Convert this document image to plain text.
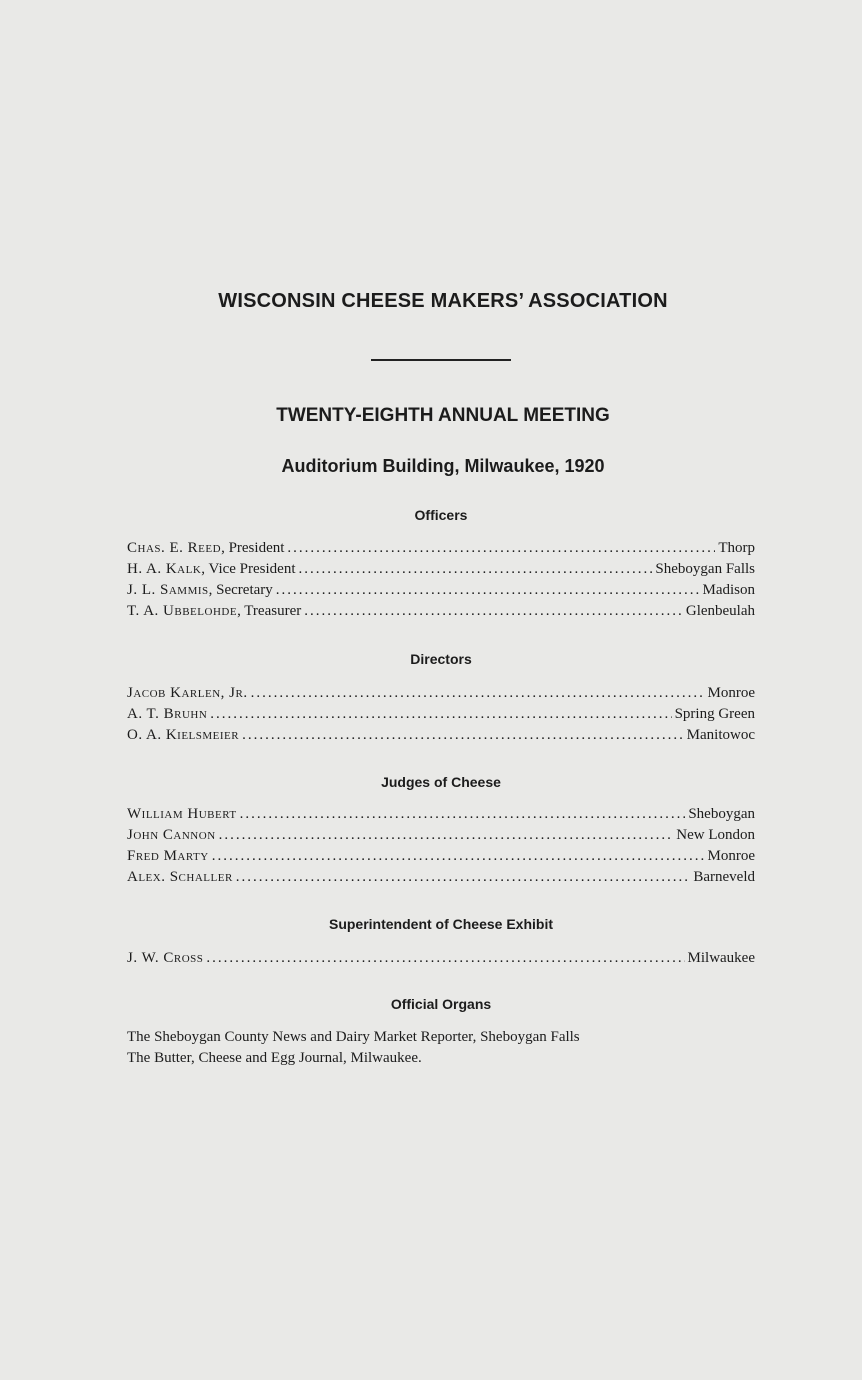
WISCONSIN CHEESE MAKERS’ ASSOCIATION
TWENTY-EIGHTH ANNUAL MEETING
Auditorium Building, Milwaukee, 1920
Officers
Chas. E. Reed, President .....	Thorp
H. A. Kalk, Vice President .....	Sheboygan Falls
J. L. Sammis, Secretary .....	Madison
T. A. Ubbelohde, Treasurer .....	Glenbeulah
Directors
Jacob Karlen, Jr. .....	Monroe
A. T. Bruhn .....	Spring Green
O. A. Kielsmeier .....	Manitowoc
Judges of Cheese
William Hubert .....	Sheboygan
John Cannon .....	New London
Fred Marty .....	Monroe
Alex. Schaller .....	Barneveld
Superintendent of Cheese Exhibit
J. W. Cross .....	Milwaukee
Official Organs
The Sheboygan County News and Dairy Market Reporter, Sheboygan Falls
The Butter, Cheese and Egg Journal, Milwaukee.
